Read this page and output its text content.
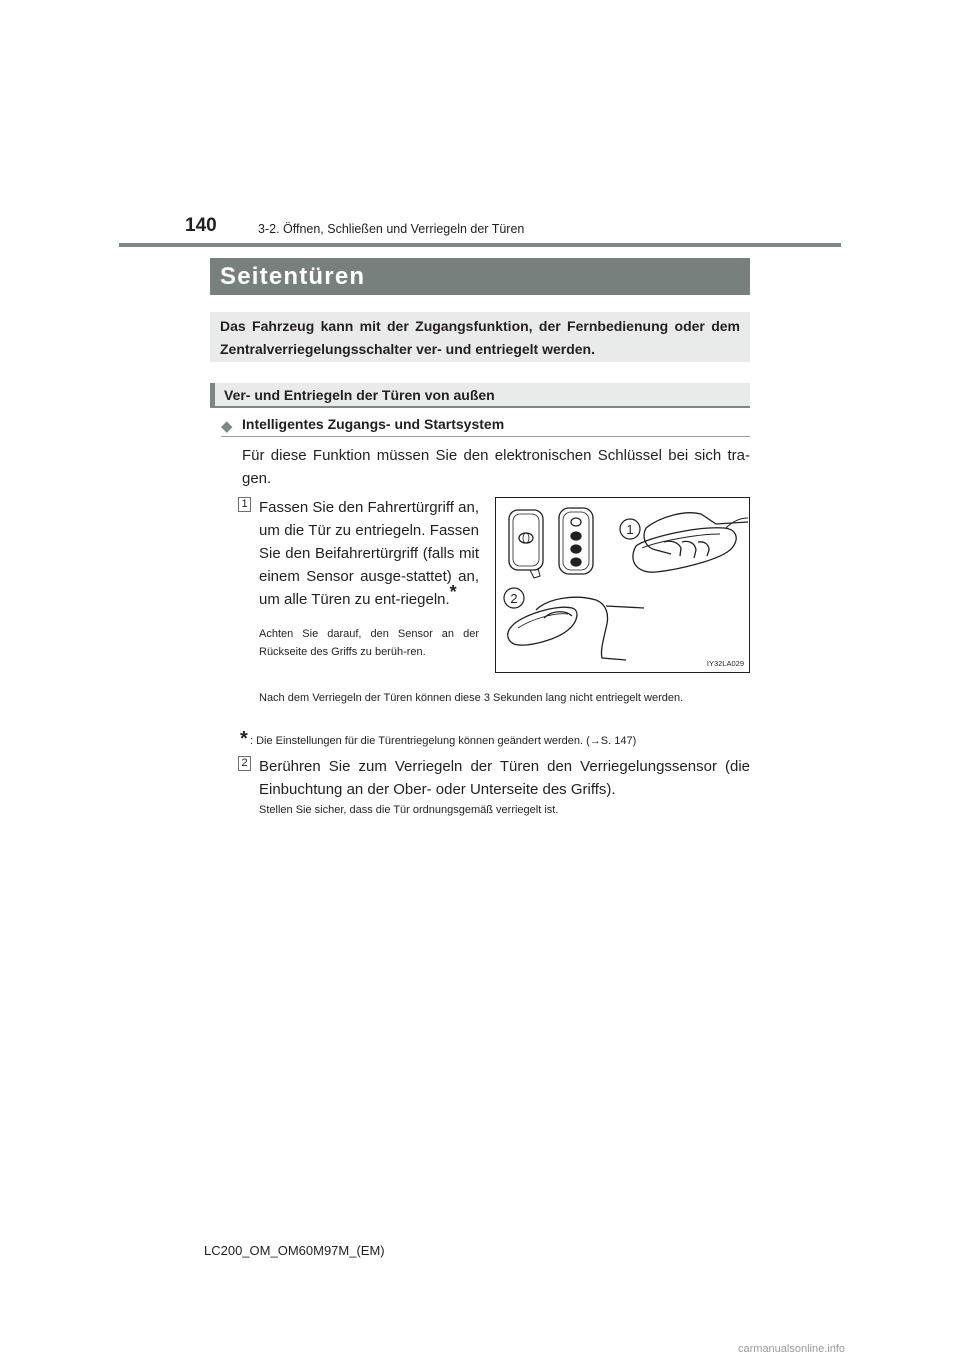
140	3-2. Öffnen, Schließen und Verriegeln der Türen
Seitentüren
Das Fahrzeug kann mit der Zugangsfunktion, der Fernbedienung oder dem Zentralverriegelungsschalter ver- und entriegelt werden.
Ver- und Entriegeln der Türen von außen
◆ Intelligentes Zugangs- und Startsystem
Für diese Funktion müssen Sie den elektronischen Schlüssel bei sich tra-gen.
1 Fassen Sie den Fahrertürgriff an, um die Tür zu entriegeln. Fassen Sie den Beifahrertürgriff (falls mit einem Sensor ausge-stattet) an, um alle Türen zu ent-riegeln.*
Achten Sie darauf, den Sensor an der Rückseite des Griffs zu berüh-ren.
1
2
IY32LA029
Nach dem Verriegeln der Türen können diese 3 Sekunden lang nicht entriegelt werden.
* : Die Einstellungen für die Türentriegelung können geändert werden. (→S. 147)
2 Berühren Sie zum Verriegeln der Türen den Verriegelungssensor (die Einbuchtung an der Ober- oder Unterseite des Griffs).
Stellen Sie sicher, dass die Tür ordnungsgemäß verriegelt ist.
LC200_OM_OM60M97M_(EM)
carmanualsonline.info
